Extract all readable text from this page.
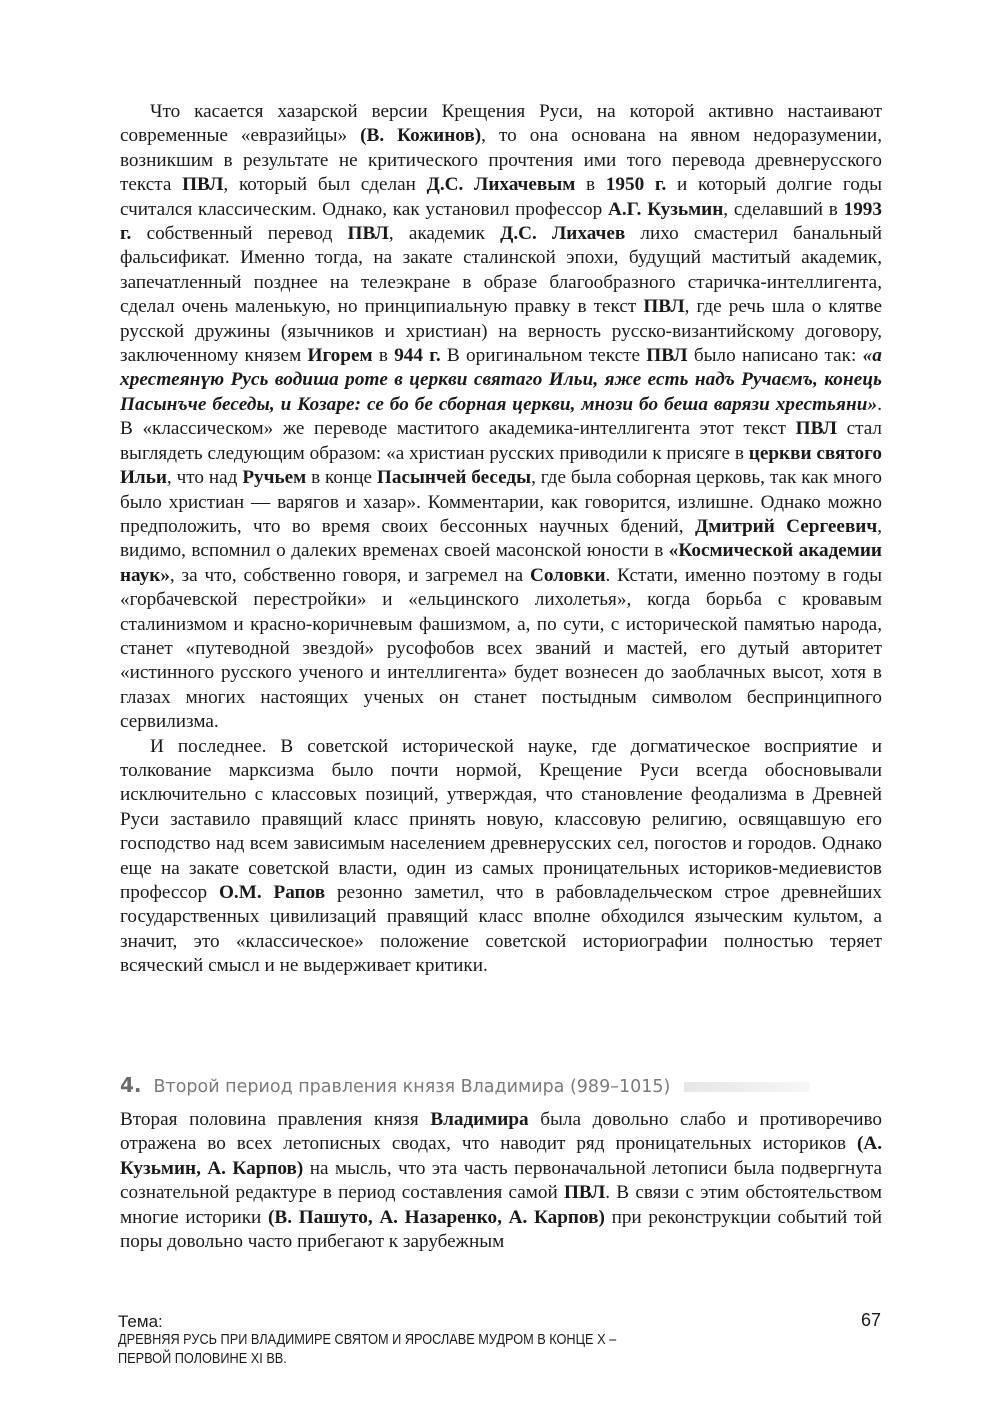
Что касается хазарской версии Крещения Руси, на которой активно настаивают современные «евразийцы» (В. Кожинов), то она основана на явном недоразумении, возникшим в результате не критического прочтения ими того перевода древнерусского текста ПВЛ, который был сделан Д.С. Лихачевым в 1950 г. и который долгие годы считался классическим. Однако, как установил профессор А.Г. Кузьмин, сделавший в 1993 г. собственный перевод ПВЛ, академик Д.С. Лихачев лихо смастерил банальный фальсификат. Именно тогда, на закате сталинской эпохи, будущий маститый академик, запечатленный позднее на телеэкране в образе благообразного старичка-интеллигента, сделал очень маленькую, но принципиальную правку в текст ПВЛ, где речь шла о клятве русской дружины (язычников и христиан) на верность русско-византийскому договору, заключенному князем Игорем в 944 г. В оригинальном тексте ПВЛ было написано так: «а хрестеянүю Русь водиша роте в церкви святаго Ильи, яже есть надъ Ручаємъ, конець Пасынъче беседы, и Козаре: се бо бе сборная церкви, мнози бо беша варязи хрестьяни». В «классическом» же переводе маститого академика-интеллигента этот текст ПВЛ стал выглядеть следующим образом: «а христиан русских приводили к присяге в церкви святого Ильи, что над Ручьем в конце Пасынчей беседы, где была соборная церковь, так как много было христиан — варягов и хазар». Комментарии, как говорится, излишне. Однако можно предположить, что во время своих бессонных научных бдений, Дмитрий Сергеевич, видимо, вспомнил о далеких временах своей масонской юности в «Космической академии наук», за что, собственно говоря, и загремел на Соловки. Кстати, именно поэтому в годы «горбачевской перестройки» и «ельцинского лихолетья», когда борьба с кровавым сталинизмом и красно-коричневым фашизмом, а, по сути, с исторической памятью народа, станет «путеводной звездой» русофобов всех званий и мастей, его дутый авторитет «истинного русского ученого и интеллигента» будет вознесен до заоблачных высот, хотя в глазах многих настоящих ученых он станет постыдным символом беспринципного сервилизма.

И последнее. В советской исторической науке, где догматическое восприятие и толкование марксизма было почти нормой, Крещение Руси всегда обосновывали исключительно с классовых позиций, утверждая, что становление феодализма в Древней Руси заставило правящий класс принять новую, классовую религию, освящавшую его господство над всем зависимым населением древнерусских сел, погостов и городов. Однако еще на закате советской власти, один из самых проницательных историков-медиевистов профессор О.М. Рапов резонно заметил, что в рабовладельческом строе древнейших государственных цивилизаций правящий класс вполне обходился языческим культом, а значит, это «классическое» положение советской историографии полностью теряет всяческий смысл и не выдерживает критики.

4. Второй период правления князя Владимира (989–1015)

Вторая половина правления князя Владимира была довольно слабо и противоречиво отражена во всех летописных сводах, что наводит ряд проницательных историков (А. Кузьмин, А. Карпов) на мысль, что эта часть первоначальной летописи была подвергнута сознательной редактуре в период составления самой ПВЛ. В связи с этим обстоятельством многие историки (В. Пашуто, А. Назаренко, А. Карпов) при реконструкции событий той поры довольно часто прибегают к зарубежным

Тема:
ДРЕВНЯЯ РУСЬ ПРИ ВЛАДИМИРЕ СВЯТОМ И ЯРОСЛАВЕ МУДРОМ В КОНЦЕ X –
ПЕРВОЙ ПОЛОВИНЕ XI ВВ.
67
